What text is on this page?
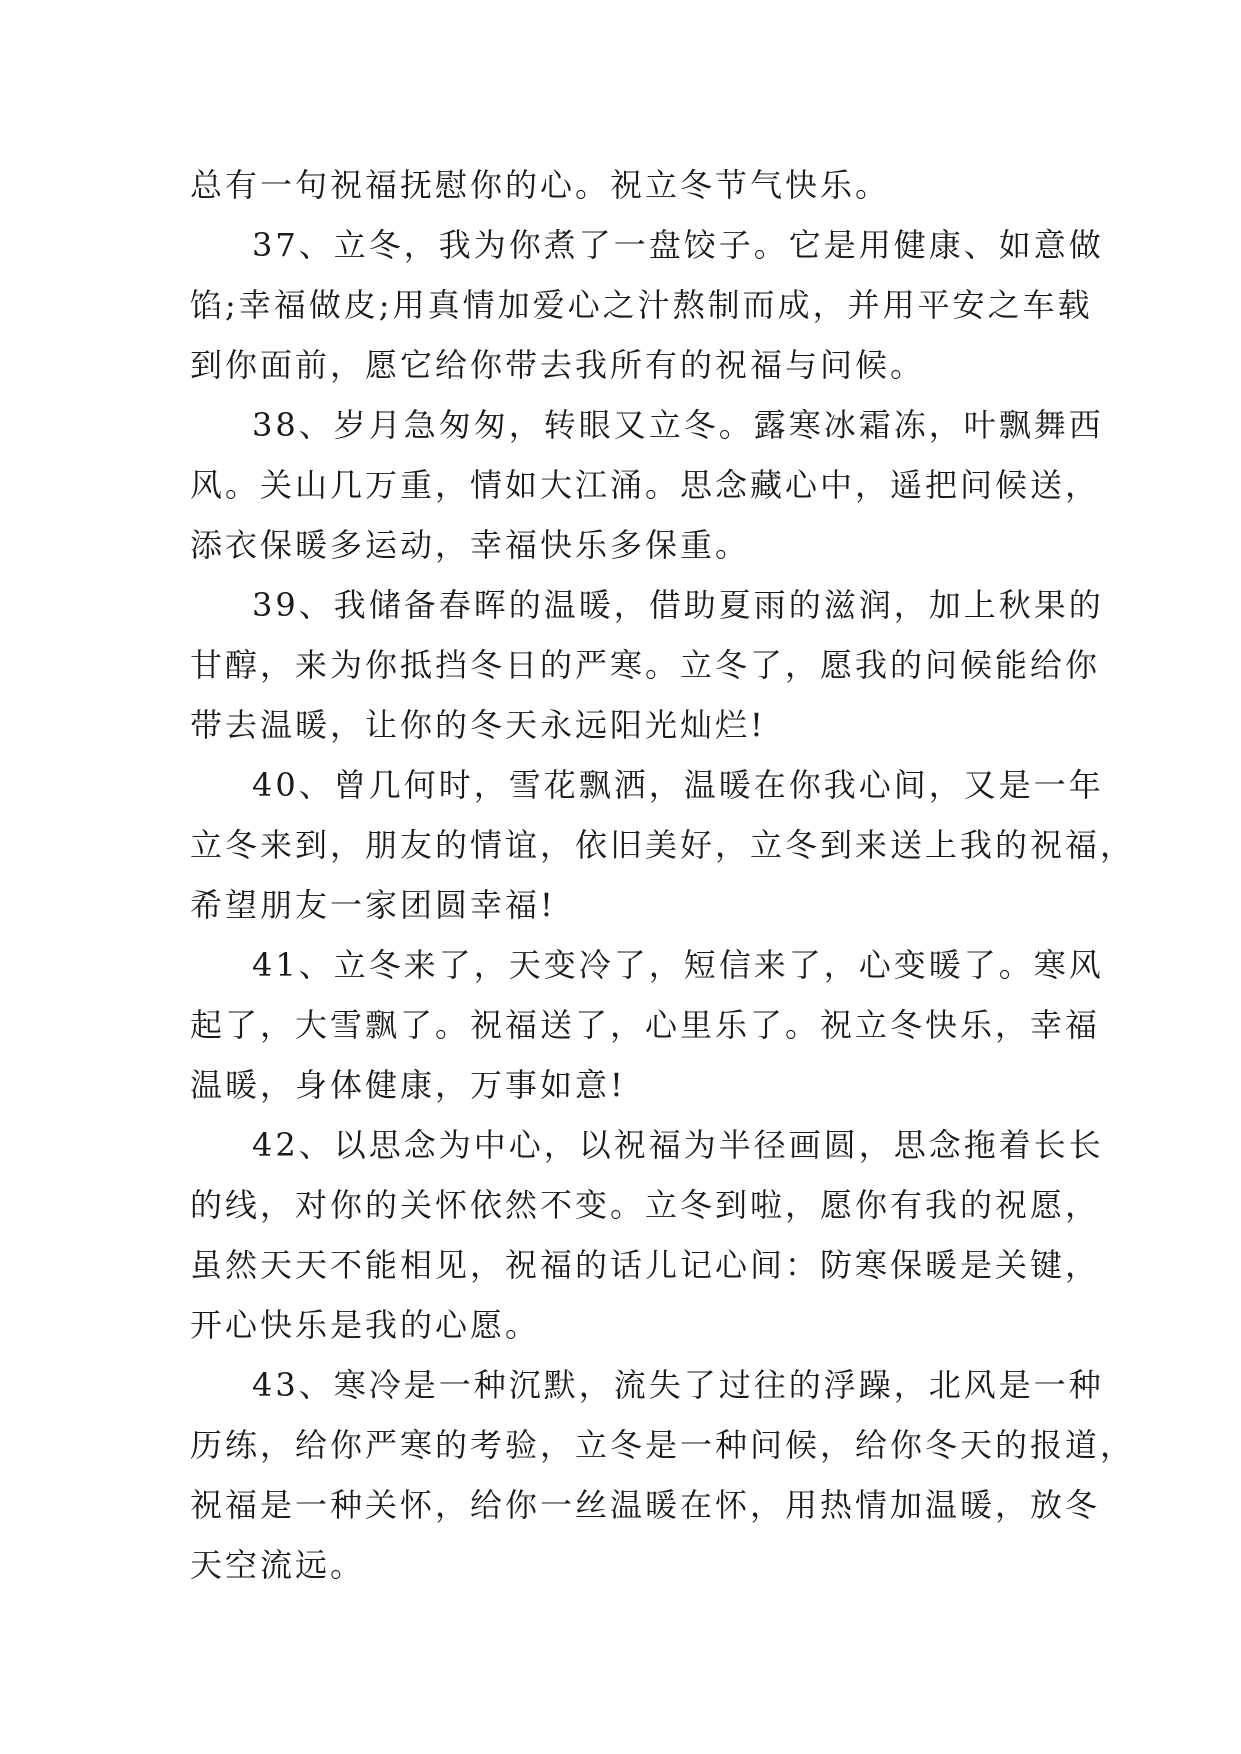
总有一句祝福抚慰你的心。祝立冬节气快乐。
37、立冬，我为你煮了一盘饺子。它是用健康、如意做
馅;幸福做皮;用真情加爱心之汁熬制而成，并用平安之车载
到你面前，愿它给你带去我所有的祝福与问候。
38、岁月急匆匆，转眼又立冬。露寒冰霜冻，叶飘舞西
风。关山几万重，情如大江涌。思念藏心中，遥把问候送，
添衣保暖多运动，幸福快乐多保重。
39、我储备春晖的温暖，借助夏雨的滋润，加上秋果的
甘醇，来为你抵挡冬日的严寒。立冬了，愿我的问候能给你
带去温暖，让你的冬天永远阳光灿烂!
40、曾几何时，雪花飘洒，温暖在你我心间，又是一年
立冬来到，朋友的情谊，依旧美好，立冬到来送上我的祝福，
希望朋友一家团圆幸福!
41、立冬来了，天变冷了，短信来了，心变暖了。寒风
起了，大雪飘了。祝福送了，心里乐了。祝立冬快乐，幸福
温暖，身体健康，万事如意!
42、以思念为中心，以祝福为半径画圆，思念拖着长长
的线，对你的关怀依然不变。立冬到啦，愿你有我的祝愿，
虽然天天不能相见，祝福的话儿记心间：防寒保暖是关键，
开心快乐是我的心愿。
43、寒冷是一种沉默，流失了过往的浮躁，北风是一种
历练，给你严寒的考验，立冬是一种问候，给你冬天的报道，
祝福是一种关怀，给你一丝温暖在怀，用热情加温暖，放冬
天空流远。
